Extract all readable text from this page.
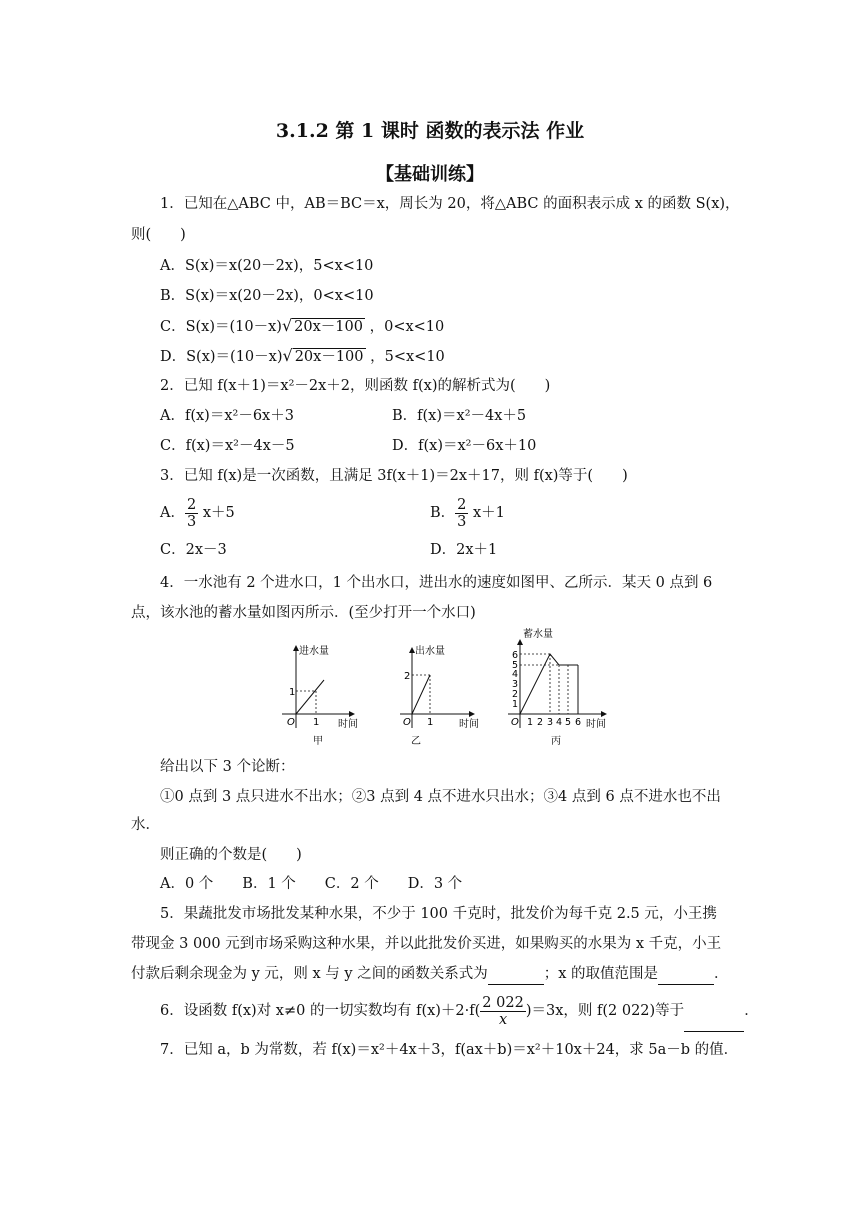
3.1.2 第 1 课时 函数的表示法 作业
【基础训练】
1．已知在△ABC 中，AB＝BC＝x，周长为 20，将△ABC 的面积表示成 x 的函数 S(x)，
则(　　)
A．S(x)＝x(20－2x)，5<x<10
B．S(x)＝x(20－2x)，0<x<10
C．S(x)＝(10－x)√ 20x－100 ，0<x<10
D．S(x)＝(10－x)√ 20x－100 ，5<x<10
2．已知 f(x＋1)＝x²－2x＋2，则函数 f(x)的解析式为(　　)
A．f(x)＝x²－6x＋3	B．f(x)＝x²－4x＋5
C．f(x)＝x²－4x－5	D．f(x)＝x²－6x＋10
3．已知 f(x)是一次函数，且满足 3f(x＋1)＝2x＋17，则 f(x)等于(　　)
A． $\frac{2}{3} x+5$	B． $\frac{2}{3} x+1$
C．2x－3	D．2x＋1
4．一水池有 2 个进水口，1 个出水口，进出水的速度如图甲、乙所示．某天 0 点到 6
点，该水池的蓄水量如图丙所示．(至少打开一个水口)
进水量
时间
O
1
1
甲
出水量
时间
O
2
1
乙
蓄水量
时间
O
1
2
3
4
5
6
1 2 3 4 5 6
丙
给出以下 3 个论断：
①0 点到 3 点只进水不出水；②3 点到 4 点不进水只出水；③4 点到 6 点不进水也不出
水．
则正确的个数是(　　)
A．0 个　　B．1 个　　C．2 个　　D．3 个
5．果蔬批发市场批发某种水果，不少于 100 千克时，批发价为每千克 2.5 元，小王携
带现金 3 000 元到市场采购这种水果，并以此批发价买进，如果购买的水果为 x 千克，小王
付款后剩余现金为 y 元，则 x 与 y 之间的函数关系式为	；x 的取值范围是	．
6．设函数 f(x)对 x≠0 的一切实数均有 $f(x)+2\cdot f( \frac{2 022}{x} )=3x$，则 f(2 022)等于	．
7．已知 a，b 为常数，若 f(x)＝x²＋4x＋3，f(ax＋b)＝x²＋10x＋24，求 5a－b 的值．
